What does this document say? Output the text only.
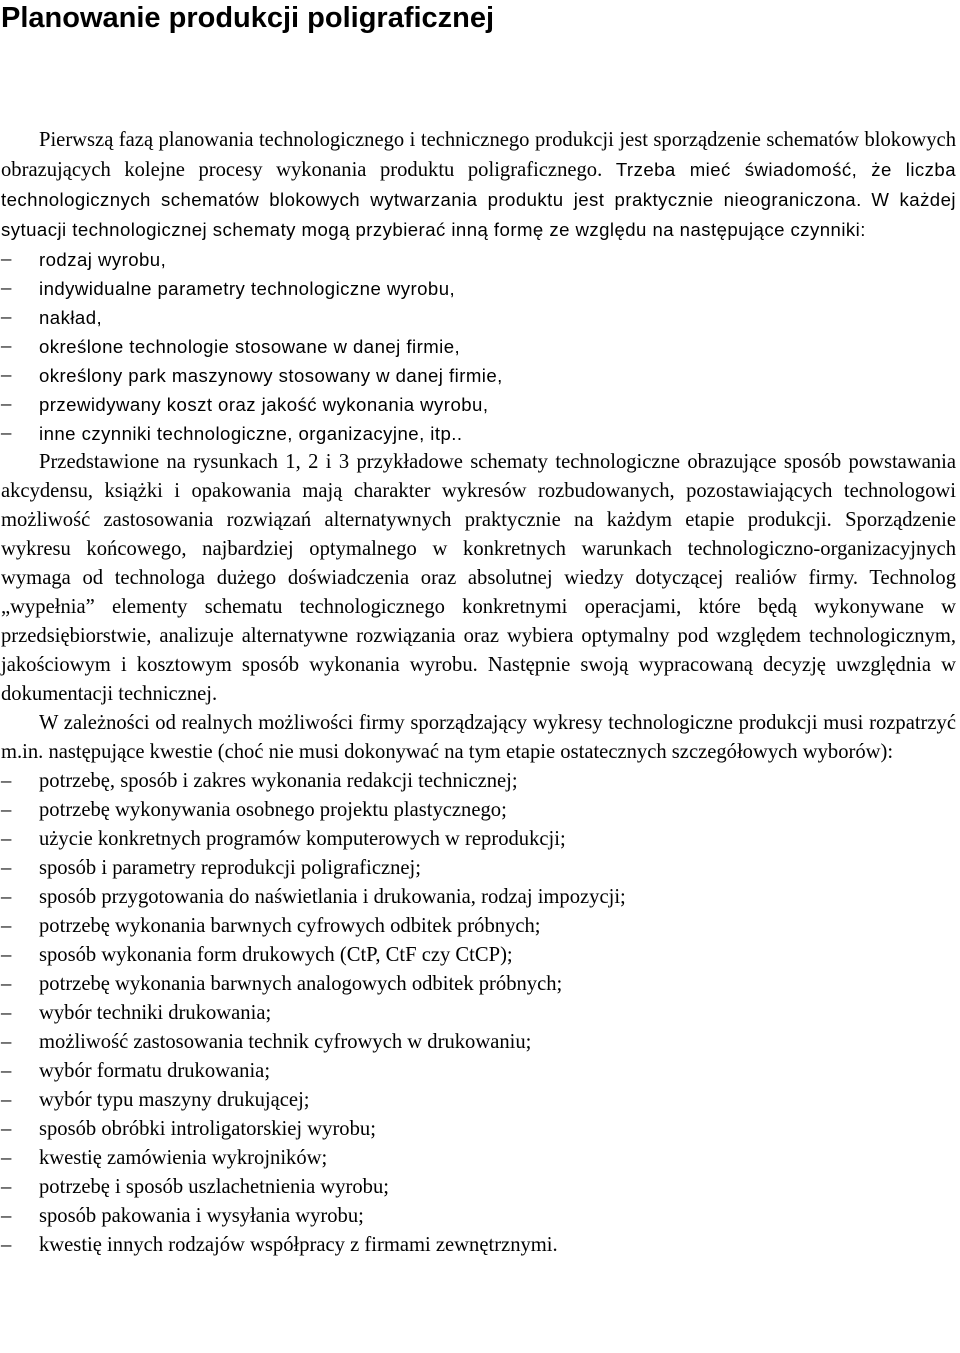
Planowanie produkcji poligraficznej

Pierwszą fazą planowania technologicznego i technicznego produkcji jest sporządzenie schematów blokowych obrazujących kolejne procesy wykonania produktu poligraficznego. Trzeba mieć świadomość, że liczba technologicznych schematów blokowych wytwarzania produktu jest praktycznie nieograniczona. W każdej sytuacji technologicznej schematy mogą przybierać inną formę ze względu na następujące czynniki:

–	rodzaj wyrobu,
–	indywidualne parametry technologiczne wyrobu,
–	nakład,
–	określone technologie stosowane w danej firmie,
–	określony park maszynowy stosowany w danej firmie,
–	przewidywany koszt oraz jakość wykonania wyrobu,
–	inne czynniki technologiczne, organizacyjne, itp..

Przedstawione na rysunkach 1, 2 i 3 przykładowe schematy technologiczne obrazujące sposób powstawania akcydensu, książki i opakowania mają charakter wykresów rozbudowanych, pozostawiających technologowi możliwość zastosowania rozwiązań alternatywnych praktycznie na każdym etapie produkcji. Sporządzenie wykresu końcowego, najbardziej optymalnego w konkretnych warunkach technologiczno-organizacyjnych wymaga od technologa dużego doświadczenia oraz absolutnej wiedzy dotyczącej realiów firmy. Technolog „wypełnia” elementy schematu technologicznego konkretnymi operacjami, które będą wykonywane w przedsiębiorstwie, analizuje alternatywne rozwiązania oraz wybiera optymalny pod względem technologicznym, jakościowym i kosztowym sposób wykonania wyrobu. Następnie swoją wypracowaną decyzję uwzględnia w dokumentacji technicznej.

W zależności od realnych możliwości firmy sporządzający wykresy technologiczne produkcji musi rozpatrzyć m.in. następujące kwestie (choć nie musi dokonywać na tym etapie ostatecznych szczegółowych wyborów):

–	potrzebę, sposób i zakres wykonania redakcji technicznej;
–	potrzebę wykonywania osobnego projektu plastycznego;
–	użycie konkretnych programów komputerowych w reprodukcji;
–	sposób i parametry reprodukcji poligraficznej;
–	sposób przygotowania do naświetlania i drukowania, rodzaj impozycji;
–	potrzebę wykonania barwnych cyfrowych odbitek próbnych;
–	sposób wykonania form drukowych (CtP, CtF czy CtCP);
–	potrzebę wykonania barwnych analogowych odbitek próbnych;
–	wybór techniki drukowania;
–	możliwość zastosowania technik cyfrowych w drukowaniu;
–	wybór formatu drukowania;
–	wybór typu maszyny drukującej;
–	sposób obróbki introligatorskiej wyrobu;
–	kwestię zamówienia wykrojników;
–	potrzebę i sposób uszlachetnienia wyrobu;
–	sposób pakowania i wysyłania wyrobu;
–	kwestię innych rodzajów współpracy z firmami zewnętrznymi.
